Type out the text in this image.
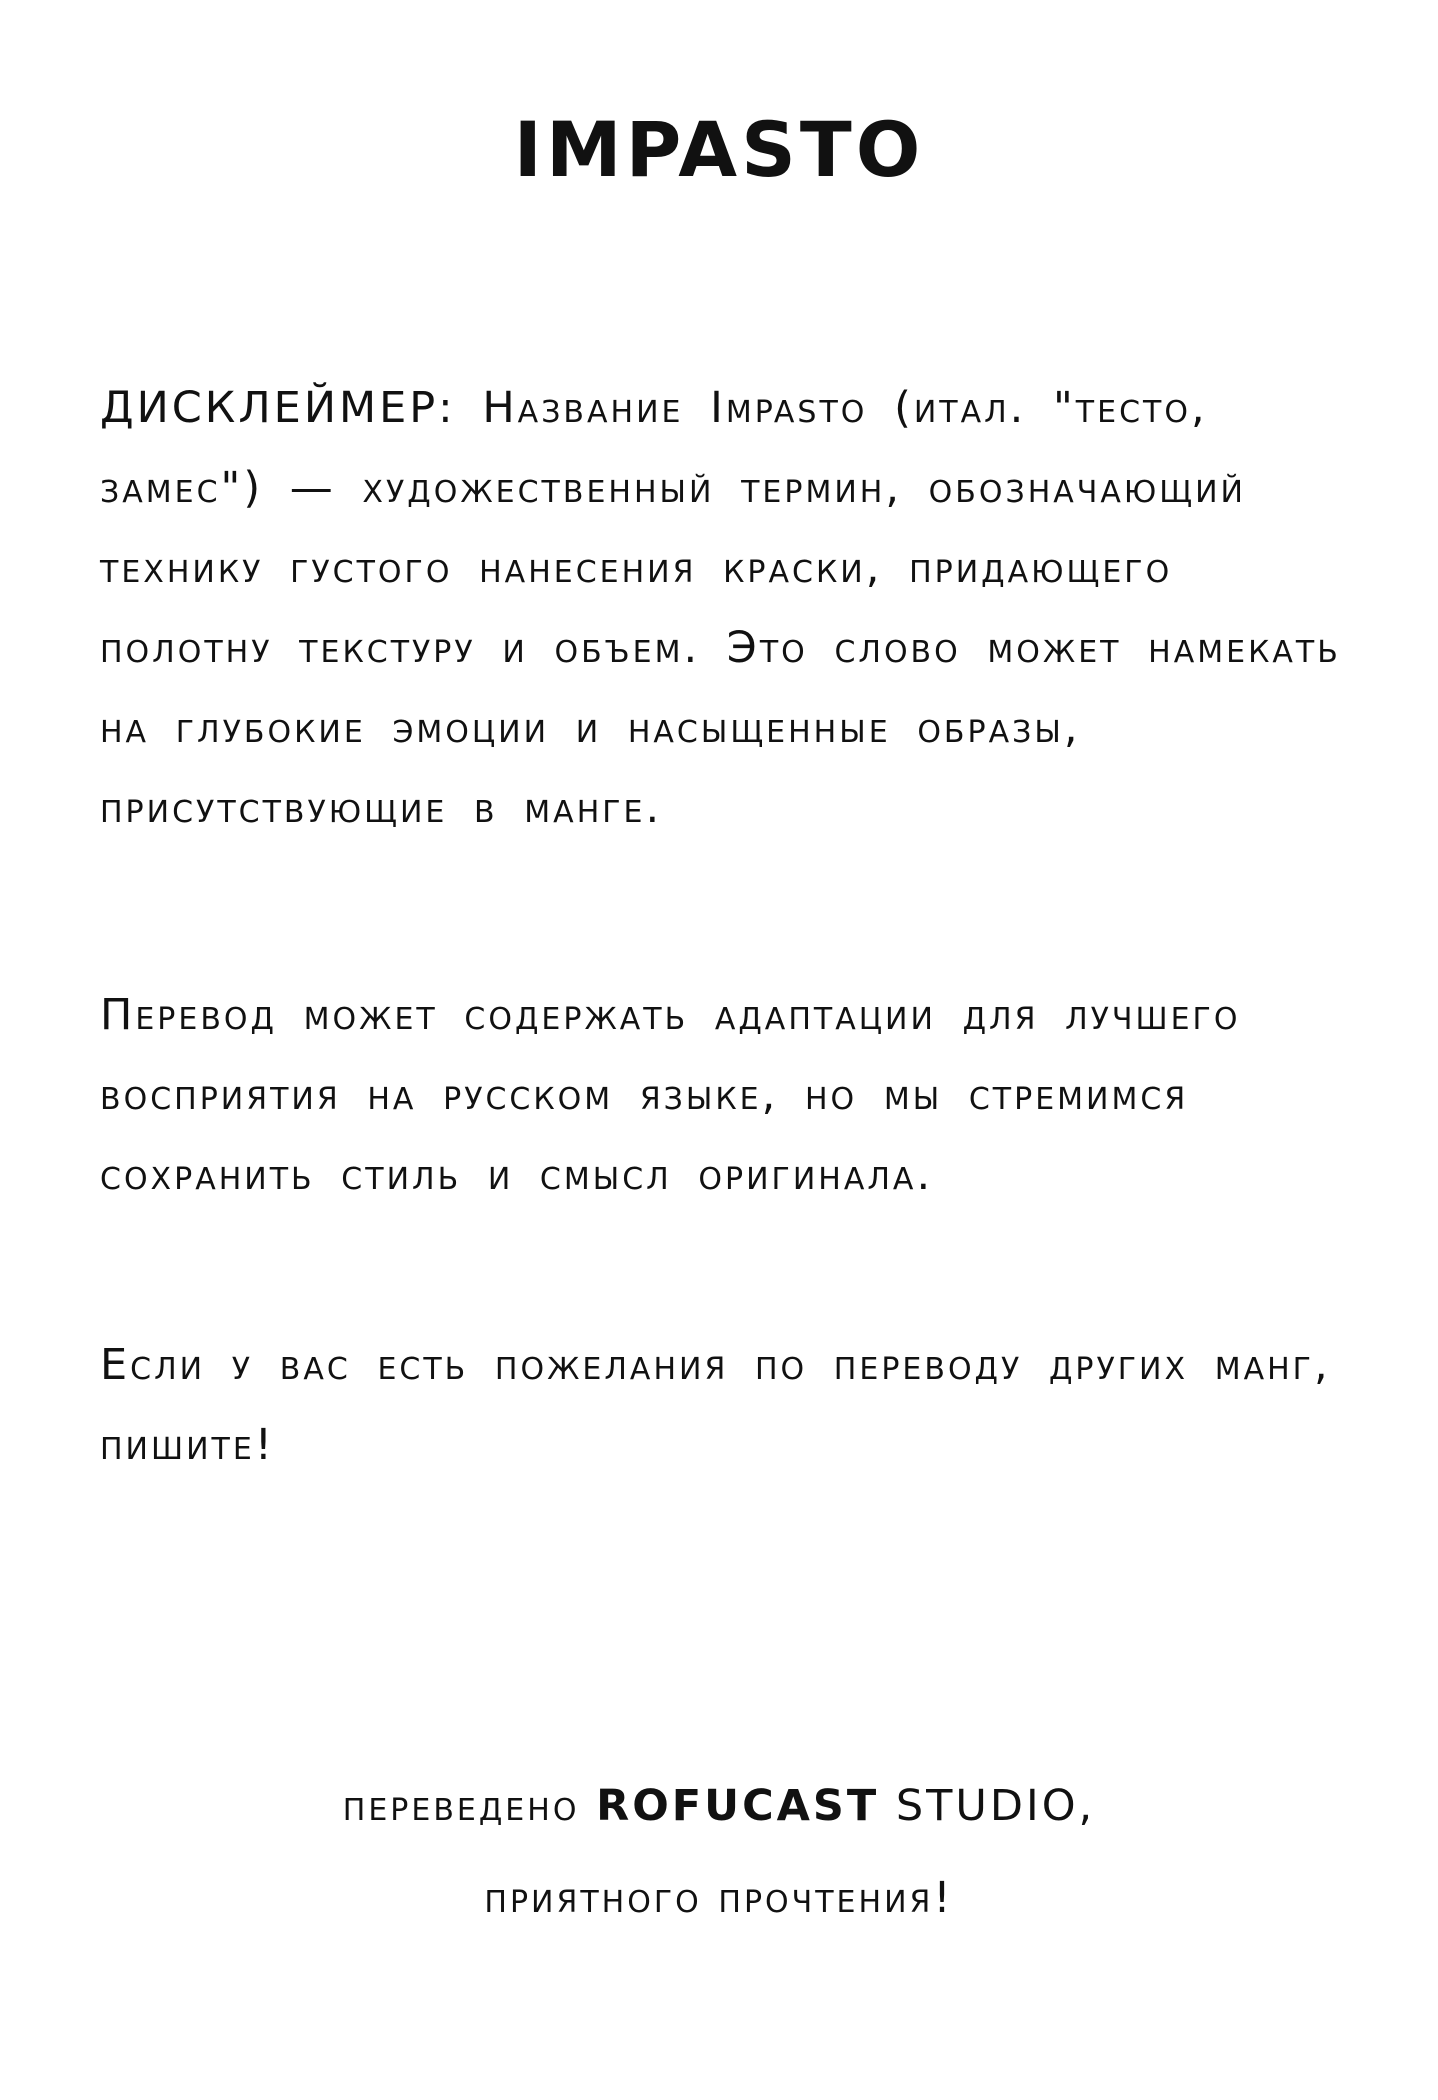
IMPASTO

ДИСКЛЕЙМЕР: Название Impasto (итал. "тесто, замес") — художественный термин, обозначающий технику густого нанесения краски, придающего полотну текстуру и объем. Это слово может намекать на глубокие эмоции и насыщенные образы, присутствующие в манге.

Перевод может содержать адаптации для лучшего восприятия на русском языке, но мы стремимся сохранить стиль и смысл оригинала.

Если у вас есть пожелания по переводу других манг, пишите!

переведено ROFUCAST STUDIO,
приятного прочтения!
